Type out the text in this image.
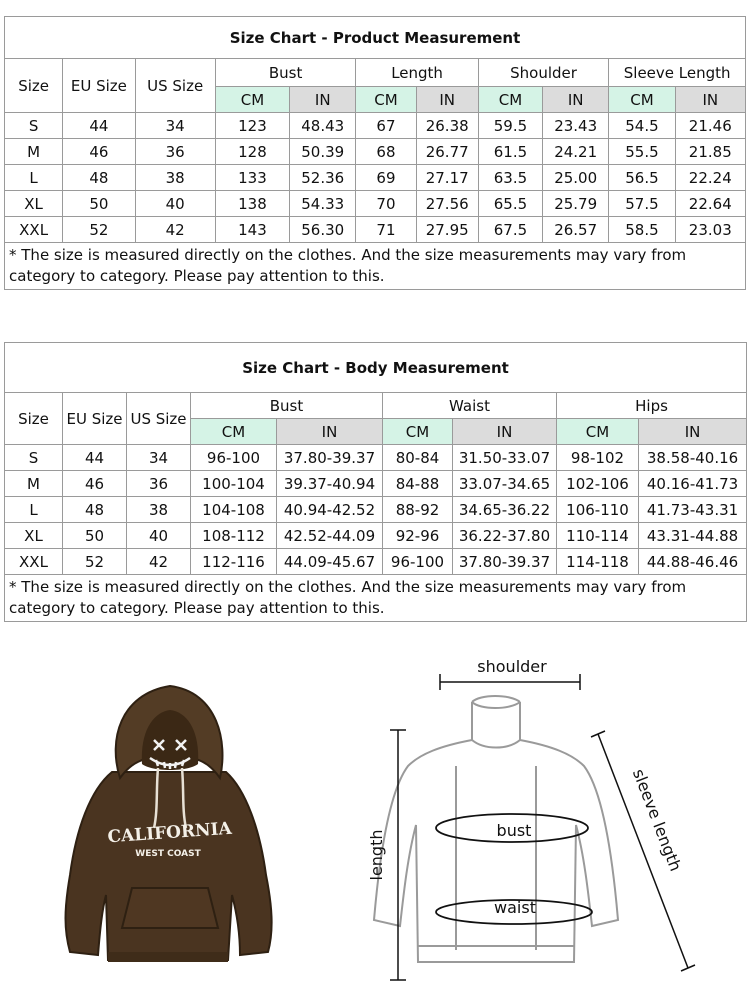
Size Chart - Product Measurement										
Size	EU Size	US Size	Bust		Length		Shoulder		Sleeve Length	
			CM	IN	CM	IN	CM	IN	CM	IN
S	44	34	123	48.43	67	26.38	59.5	23.43	54.5	21.46
M	46	36	128	50.39	68	26.77	61.5	24.21	55.5	21.85
L	48	38	133	52.36	69	27.17	63.5	25.00	56.5	22.24
XL	50	40	138	54.33	70	27.56	65.5	25.79	57.5	22.64
XXL	52	42	143	56.30	71	27.95	67.5	26.57	58.5	23.03
* The size is measured directly on the clothes. And the size measurements may vary from category to category. Please pay attention to this.										
Size Chart - Body Measurement								
Size	EU Size	US Size	Bust		Waist		Hips	
			CM	IN	CM	IN	CM	IN
S	44	34	96-100	37.80-39.37	80-84	31.50-33.07	98-102	38.58-40.16
M	46	36	100-104	39.37-40.94	84-88	33.07-34.65	102-106	40.16-41.73
L	48	38	104-108	40.94-42.52	88-92	34.65-36.22	106-110	41.73-43.31
XL	50	40	108-112	42.52-44.09	92-96	36.22-37.80	110-114	43.31-44.88
XXL	52	42	112-116	44.09-45.67	96-100	37.80-39.37	114-118	44.88-46.46
* The size is measured directly on the clothes. And the size measurements may vary from category to category. Please pay attention to this.								
CALIFORNIA
WEST COAST
shoulder
length	bust
waist
sleeve length
